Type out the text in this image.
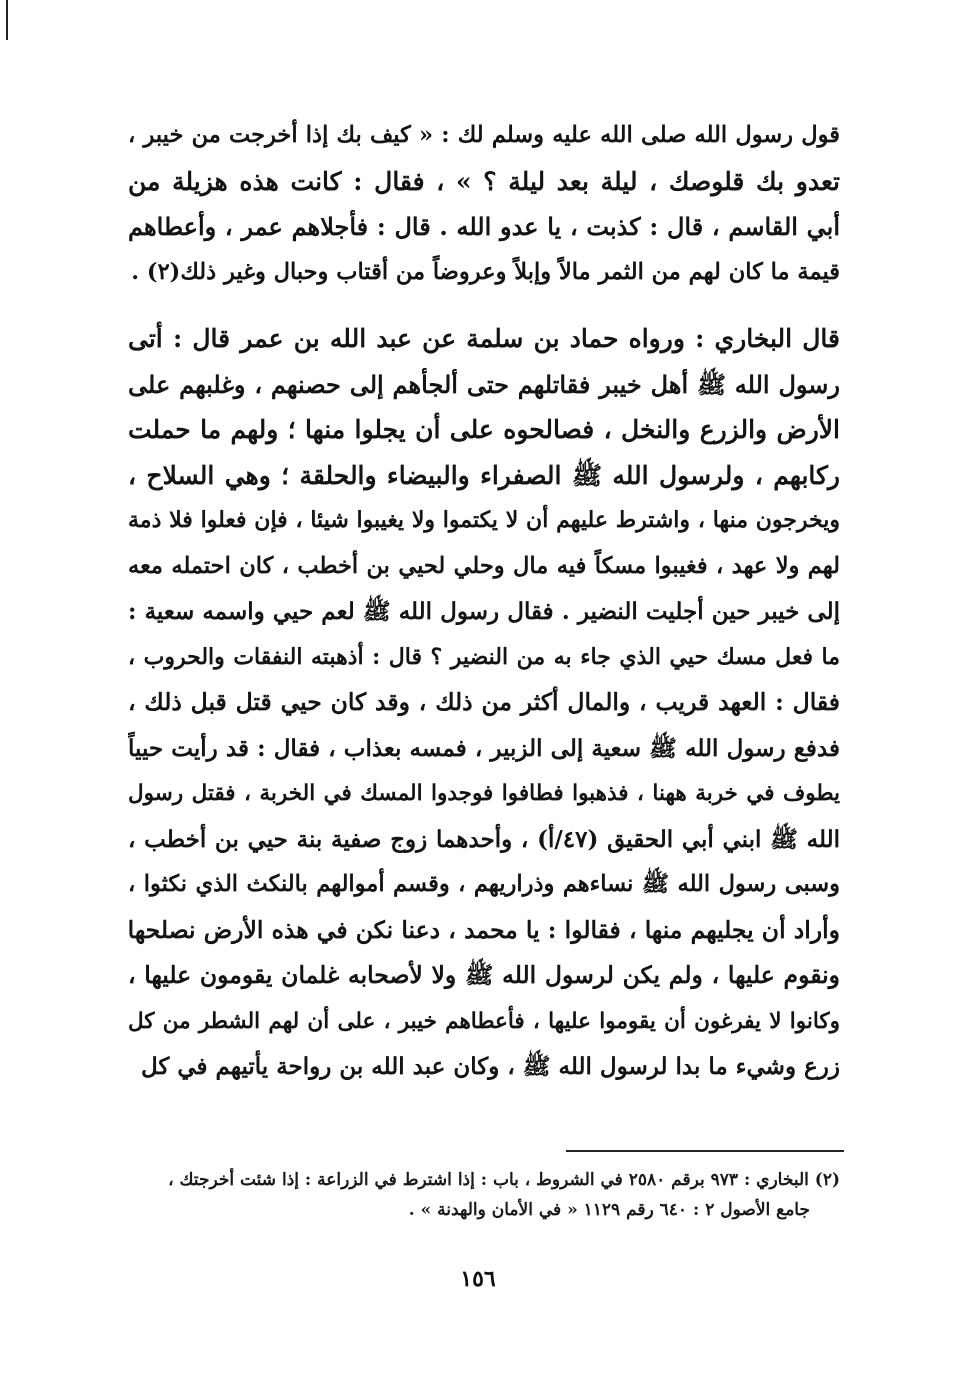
قول رسول الله صلى الله عليه وسلم لك : « كيف بك إذا أخرجت من خيبر ،
تعدو بك قلوصك ، ليلة بعد ليلة ؟ » ، فقال : كانت هذه هزيلة من
أبي القاسم ، قال : كذبت ، يا عدو الله . قال : فأجلاهم عمر ، وأعطاهم
قيمة ما كان لهم من الثمر مالاً وإبلاً وعروضاً من أقتاب وحبال وغير ذلك(٢) .
قال البخاري : ورواه حماد بن سلمة عن عبد الله بن عمر قال : أتى
رسول الله ﷺ أهل خيبر فقاتلهم حتى ألجأهم إلى حصنهم ، وغلبهم على
الأرض والزرع والنخل ، فصالحوه على أن يجلوا منها ؛ ولهم ما حملت
ركابهم ، ولرسول الله ﷺ الصفراء والبيضاء والحلقة ؛ وهي السلاح ،
ويخرجون منها ، واشترط عليهم أن لا يكتموا ولا يغيبوا شيئا ، فإن فعلوا فلا ذمة
لهم ولا عهد ، فغيبوا مسكاً فيه مال وحلي لحيي بن أخطب ، كان احتمله معه
إلى خيبر حين أجليت النضير . فقال رسول الله ﷺ لعم حيي واسمه سعية :
ما فعل مسك حيي الذي جاء به من النضير ؟ قال : أذهبته النفقات والحروب ،
فقال : العهد قريب ، والمال أكثر من ذلك ، وقد كان حيي قتل قبل ذلك ،
فدفع رسول الله ﷺ سعية إلى الزبير ، فمسه بعذاب ، فقال : قد رأيت حيياً
يطوف في خربة ههنا ، فذهبوا فطافوا فوجدوا المسك في الخربة ، فقتل رسول
الله ﷺ ابني أبي الحقيق (٤٧/أ) ، وأحدهما زوج صفية بنة حيي بن أخطب ،
وسبى رسول الله ﷺ نساءهم وذراريهم ، وقسم أموالهم بالنكث الذي نكثوا ،
وأراد أن يجليهم منها ، فقالوا : يا محمد ، دعنا نكن في هذه الأرض نصلحها
ونقوم عليها ، ولم يكن لرسول الله ﷺ ولا لأصحابه غلمان يقومون عليها ،
وكانوا لا يفرغون أن يقوموا عليها ، فأعطاهم خيبر ، على أن لهم الشطر من كل
زرع وشيء ما بدا لرسول الله ﷺ ، وكان عبد الله بن رواحة يأتيهم في كل
(٢) البخاري : ٩٧٣ برقم ٢٥٨٠ في الشروط ، باب : إذا اشترط في الزراعة : إذا شئت أخرجتك ،
جامع الأصول ٢ : ٦٤٠ رقم ١١٢٩ « في الأمان والهدنة » .
١٥٦
